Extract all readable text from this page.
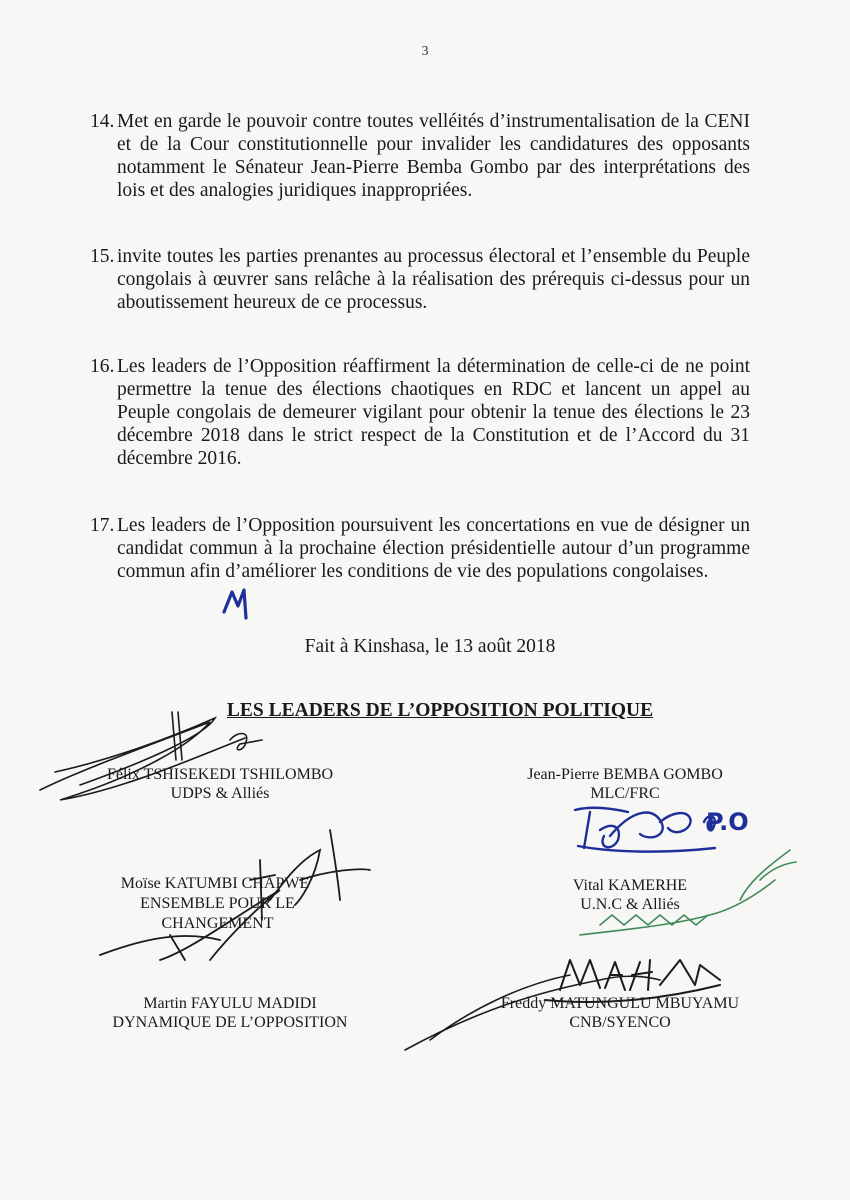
3
14. Met en garde le pouvoir contre toutes velléités d’instrumentalisation de la CENI et de la Cour constitutionnelle pour invalider les candidatures des opposants notamment le Sénateur Jean-Pierre Bemba Gombo par des interprétations des lois et des analogies juridiques inappropriées.
15. invite toutes les parties prenantes au processus électoral et l’ensemble du Peuple congolais à œuvrer sans relâche à la réalisation des prérequis ci-dessus pour un aboutissement heureux de ce processus.
16. Les leaders de l’Opposition réaffirment la détermination de celle-ci de ne point permettre la tenue des élections chaotiques en RDC et lancent un appel au Peuple congolais de demeurer vigilant pour obtenir la tenue des élections le 23 décembre 2018 dans le strict respect de la Constitution et de l’Accord du 31 décembre 2016.
17. Les leaders de l’Opposition poursuivent les concertations en vue de désigner un candidat commun à la prochaine élection présidentielle autour d’un programme commun afin d’améliorer les conditions de vie des populations congolaises.
Fait à Kinshasa, le 13 août 2018
LES LEADERS DE L’OPPOSITION POLITIQUE
Félix TSHISEKEDI TSHILOMBO
UDPS & Alliés
Jean-Pierre BEMBA GOMBO
MLC/FRC
Moïse KATUMBI CHAPWE
ENSEMBLE POUR LE CHANGEMENT
Vital KAMERHE
U.N.C & Alliés
Martin FAYULU MADIDI
DYNAMIQUE DE L’OPPOSITION
Freddy MATUNGULU MBUYAMU
CNB/SYENCO
P.O
